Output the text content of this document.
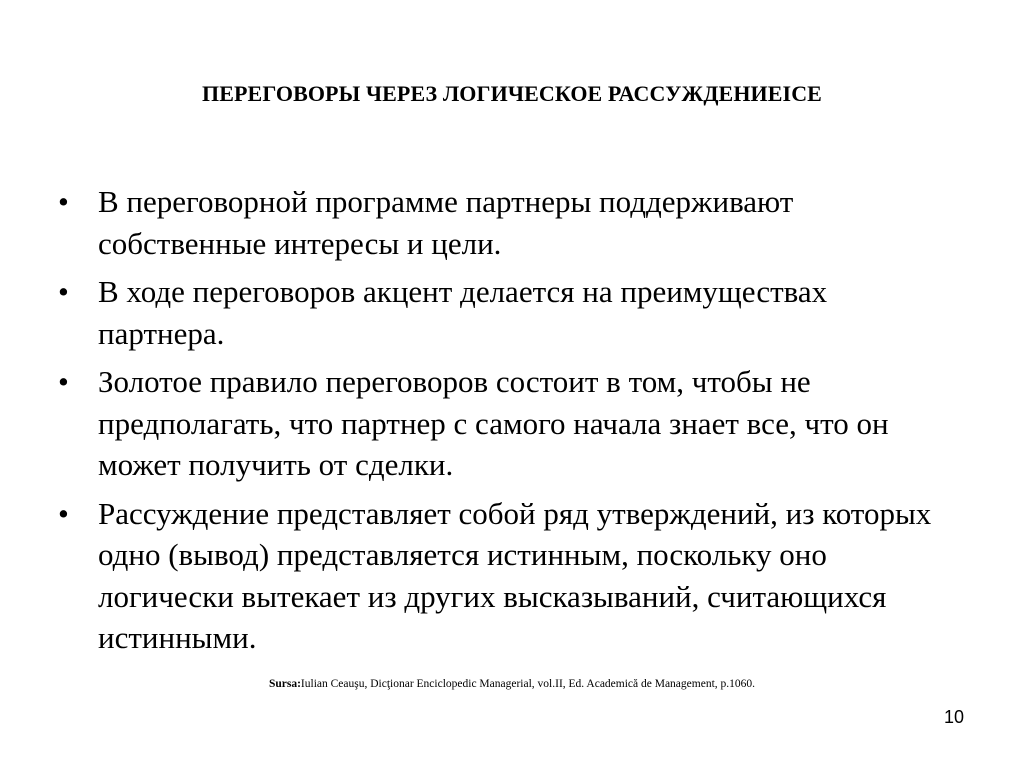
ПЕРЕГОВОРЫ ЧЕРЕЗ ЛОГИЧЕСКОЕ РАССУЖДЕНИЕICE
• В переговорной программе партнеры поддерживают собственные интересы и цели.
• В ходе переговоров акцент делается на преимуществах партнера.
• Золотое правило переговоров состоит в том, чтобы не предполагать, что партнер с самого начала знает все, что он может получить от сделки.
• Рассуждение представляет собой ряд утверждений, из которых одно (вывод) представляется истинным, поскольку оно логически вытекает из других высказываний, считающихся истинными.
Sursa:Iulian Ceauşu, Dicţionar Enciclopedic Managerial, vol.II, Ed. Academică de Management, p.1060.
10
